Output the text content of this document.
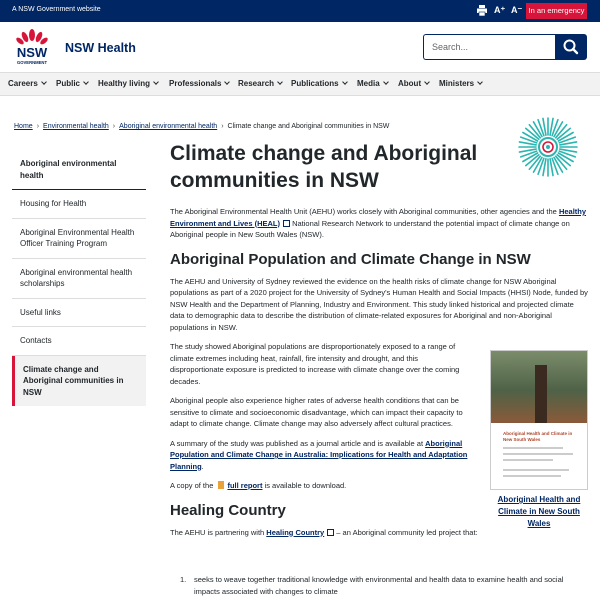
A NSW Government website	A⁺ A⁻ In an emergency
NSW
GOVERNMENT
NSW Health	Search...
Careers	Public	Healthy living	Professionals	Research	Publications	Media	About	Ministers
Home › Environmental health › Aboriginal environmental health › Climate change and Aboriginal communities in NSW
Aboriginal environmental health
Housing for Health
Aboriginal Environmental Health Officer Training Program
Aboriginal environmental health scholarships
Useful links
Contacts
Climate change and Aboriginal communities in NSW
Climate change and Aboriginal communities in NSW

The Aboriginal Environmental Health Unit (AEHU) works closely with Aboriginal communities, other agencies and the Healthy Environment and Lives (HEAL) National Research Network to understand the potential impact of climate change on Aboriginal people in New South Wales (NSW).

Aboriginal Population and Climate Change in NSW

The AEHU and University of Sydney reviewed the evidence on the health risks of climate change for NSW Aboriginal populations as part of a 2020 project for the University of Sydney's Human Health and Social Impacts (HHSI) Node, funded by NSW Health and the Department of Planning, Industry and Environment. This study linked historical and projected climate data to demographic data to describe the distribution of climate-related exposures for Aboriginal and non-Aboriginal populations in NSW.

The study showed Aboriginal populations are disproportionately exposed to a range of climate extremes including heat, rainfall, fire intensity and drought, and this disproportionate exposure is predicted to increase with climate change over the coming decades.

Aboriginal people also experience higher rates of adverse health conditions that can be sensitive to climate and socioeconomic disadvantage, which can impact their capacity to adapt to climate change. Climate change may also adversely affect cultural practices.

A summary of the study was published as a journal article and is available at Aboriginal Population and Climate Change in Australia: Implications for Health and Adaptation Planning.

A copy of the full report is available to download.

Healing Country

The AEHU is partnering with Healing Country – an Aboriginal community led project that:

Aboriginal Health and Climate in New South Wales
Aboriginal Health and Climate in New South Wales
1. seeks to weave together traditional knowledge with environmental and health data to examine health and social impacts associated with changes to climate
